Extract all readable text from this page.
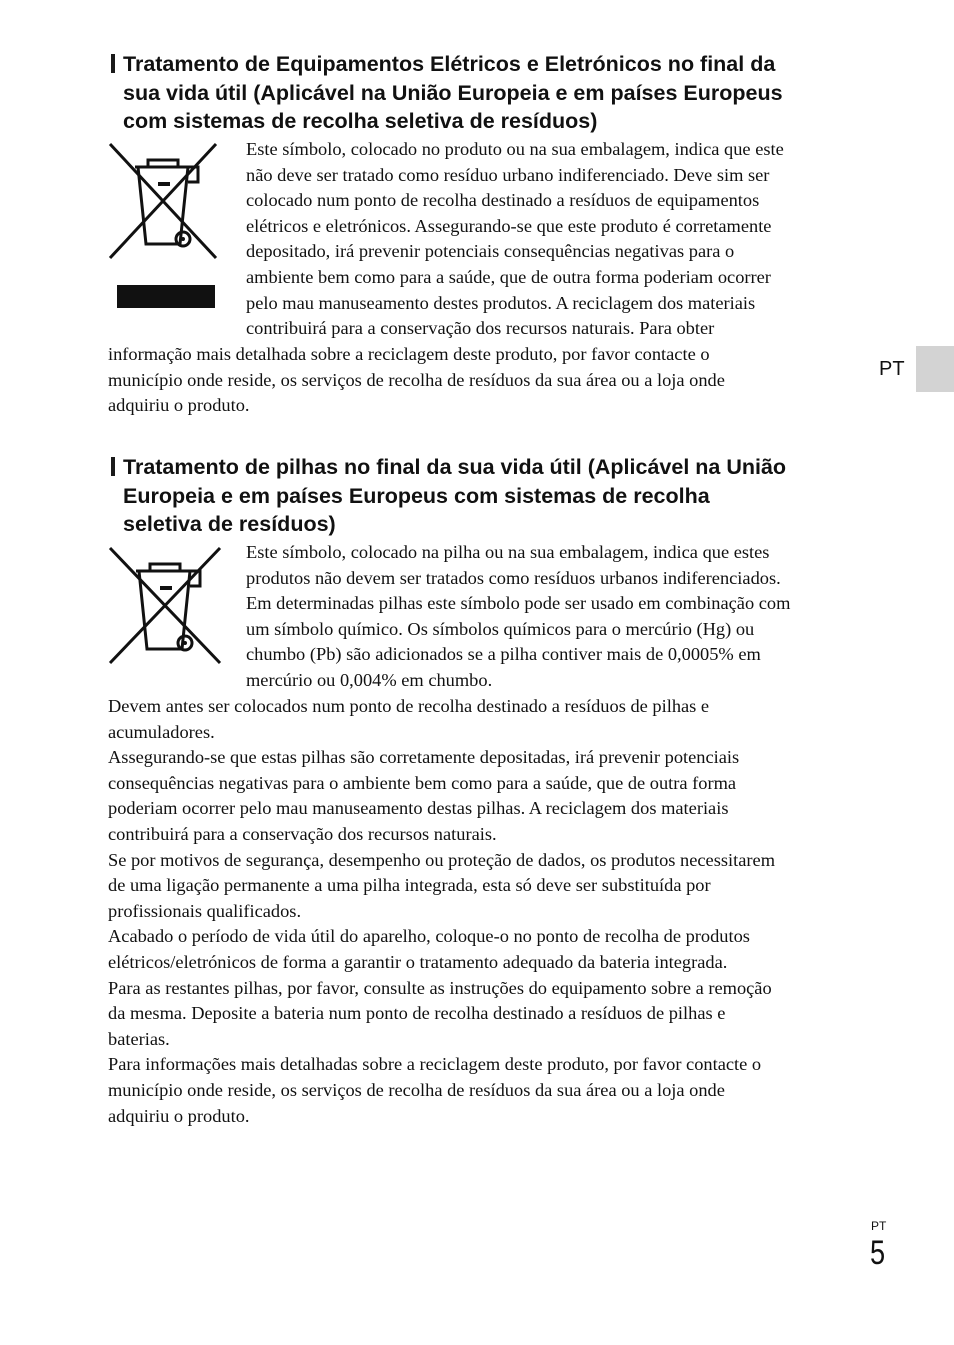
Tratamento de Equipamentos Elétricos e Eletrónicos no final da
sua vida útil (Aplicável na União Europeia e em países Europeus
com sistemas de recolha seletiva de resíduos)
Este símbolo, colocado no produto ou na sua embalagem, indica que este
não deve ser tratado como resíduo urbano indiferenciado. Deve sim ser
colocado num ponto de recolha destinado a resíduos de equipamentos
elétricos e eletrónicos. Assegurando-se que este produto é corretamente
depositado, irá prevenir potenciais consequências negativas para o
ambiente bem como para a saúde, que de outra forma poderiam ocorrer
pelo mau manuseamento destes produtos. A reciclagem dos materiais
contribuirá para a conservação dos recursos naturais. Para obter
informação mais detalhada sobre a reciclagem deste produto, por favor contacte o
município onde reside, os serviços de recolha de resíduos da sua área ou a loja onde
adquiriu o produto.
PT
Tratamento de pilhas no final da sua vida útil (Aplicável na União
Europeia e em países Europeus com sistemas de recolha
seletiva de resíduos)
Este símbolo, colocado na pilha ou na sua embalagem, indica que estes
produtos não devem ser tratados como resíduos urbanos indiferenciados.
Em determinadas pilhas este símbolo pode ser usado em combinação com
um símbolo químico. Os símbolos químicos para o mercúrio (Hg) ou
chumbo (Pb) são adicionados se a pilha contiver mais de 0,0005% em
mercúrio ou 0,004% em chumbo.
Devem antes ser colocados num ponto de recolha destinado a resíduos de pilhas e
acumuladores.
Assegurando-se que estas pilhas são corretamente depositadas, irá prevenir potenciais
consequências negativas para o ambiente bem como para a saúde, que de outra forma
poderiam ocorrer pelo mau manuseamento destas pilhas. A reciclagem dos materiais
contribuirá para a conservação dos recursos naturais.
Se por motivos de segurança, desempenho ou proteção de dados, os produtos necessitarem
de uma ligação permanente a uma pilha integrada, esta só deve ser substituída por
profissionais qualificados.
Acabado o período de vida útil do aparelho, coloque-o no ponto de recolha de produtos
elétricos/eletrónicos de forma a garantir o tratamento adequado da bateria integrada.
Para as restantes pilhas, por favor, consulte as instruções do equipamento sobre a remoção
da mesma. Deposite a bateria num ponto de recolha destinado a resíduos de pilhas e
baterias.
Para informações mais detalhadas sobre a reciclagem deste produto, por favor contacte o
município onde reside, os serviços de recolha de resíduos da sua área ou a loja onde
adquiriu o produto.
PT
5
